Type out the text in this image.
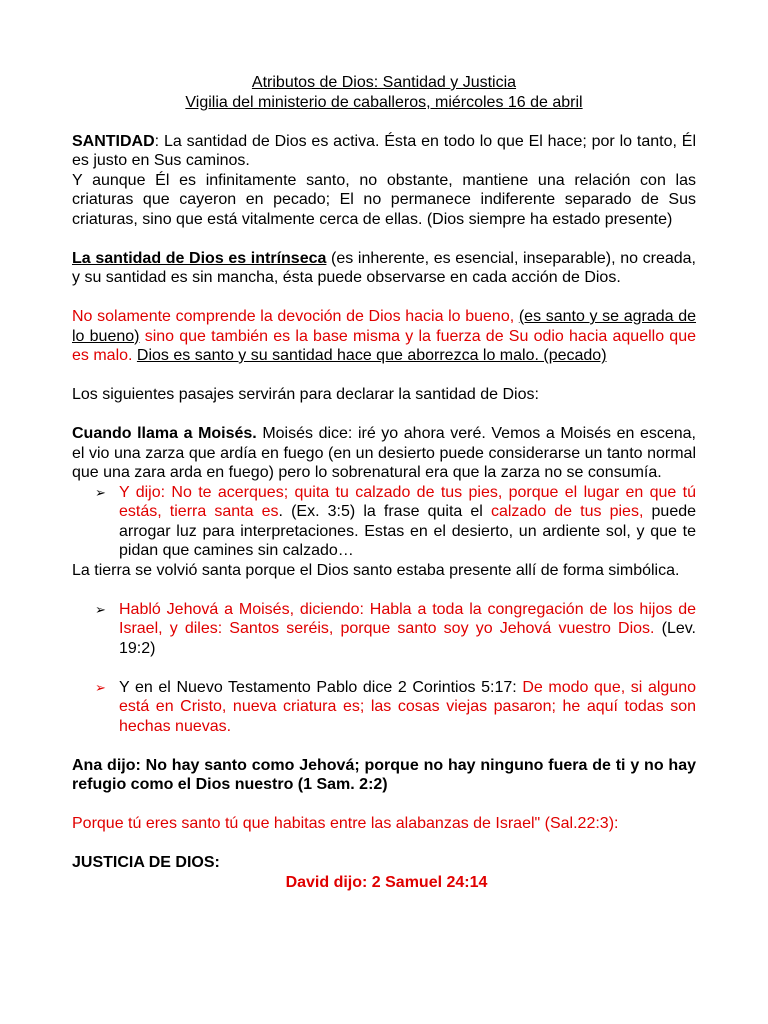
Atributos de Dios: Santidad y Justicia
Vigilia del ministerio de caballeros, miércoles 16 de abril

SANTIDAD: La santidad de Dios es activa. Ésta en todo lo que El hace; por lo tanto, Él es justo en Sus caminos.

Y aunque Él es infinitamente santo, no obstante, mantiene una relación con las criaturas que cayeron en pecado; El no permanece indiferente separado de Sus criaturas, sino que está vitalmente cerca de ellas. (Dios siempre ha estado presente)

La santidad de Dios es intrínseca (es inherente, es esencial, inseparable), no creada, y su santidad es sin mancha, ésta puede observarse en cada acción de Dios.

No solamente comprende la devoción de Dios hacia lo bueno, (es santo y se agrada de lo bueno) sino que también es la base misma y la fuerza de Su odio hacia aquello que es malo. Dios es santo y su santidad hace que aborrezca lo malo. (pecado)

Los siguientes pasajes servirán para declarar la santidad de Dios:

Cuando llama a Moisés. Moisés dice: iré yo ahora veré. Vemos a Moisés en escena, el vio una zarza que ardía en fuego (en un desierto puede considerarse un tanto normal que una zara arda en fuego) pero lo sobrenatural era que la zarza no se consumía.

➢ Y dijo: No te acerques; quita tu calzado de tus pies, porque el lugar en que tú estás, tierra santa es. (Ex. 3:5) la frase quita el calzado de tus pies, puede arrogar luz para interpretaciones. Estas en el desierto, un ardiente sol, y que te pidan que camines sin calzado…

La tierra se volvió santa porque el Dios santo estaba presente allí de forma simbólica.

➢ Habló Jehová a Moisés, diciendo: Habla a toda la congregación de los hijos de Israel, y diles: Santos seréis, porque santo soy yo Jehová vuestro Dios. (Lev. 19:2)
➢ Y en el Nuevo Testamento Pablo dice 2 Corintios 5:17: De modo que, si alguno está en Cristo, nueva criatura es; las cosas viejas pasaron; he aquí todas son hechas nuevas.

Ana dijo: No hay santo como Jehová; porque no hay ninguno fuera de ti y no hay refugio como el Dios nuestro (1 Sam. 2:2)

Porque tú eres santo tú que habitas entre las alabanzas de Israel" (Sal.22:3):

JUSTICIA DE DIOS:

David dijo: 2 Samuel 24:14
